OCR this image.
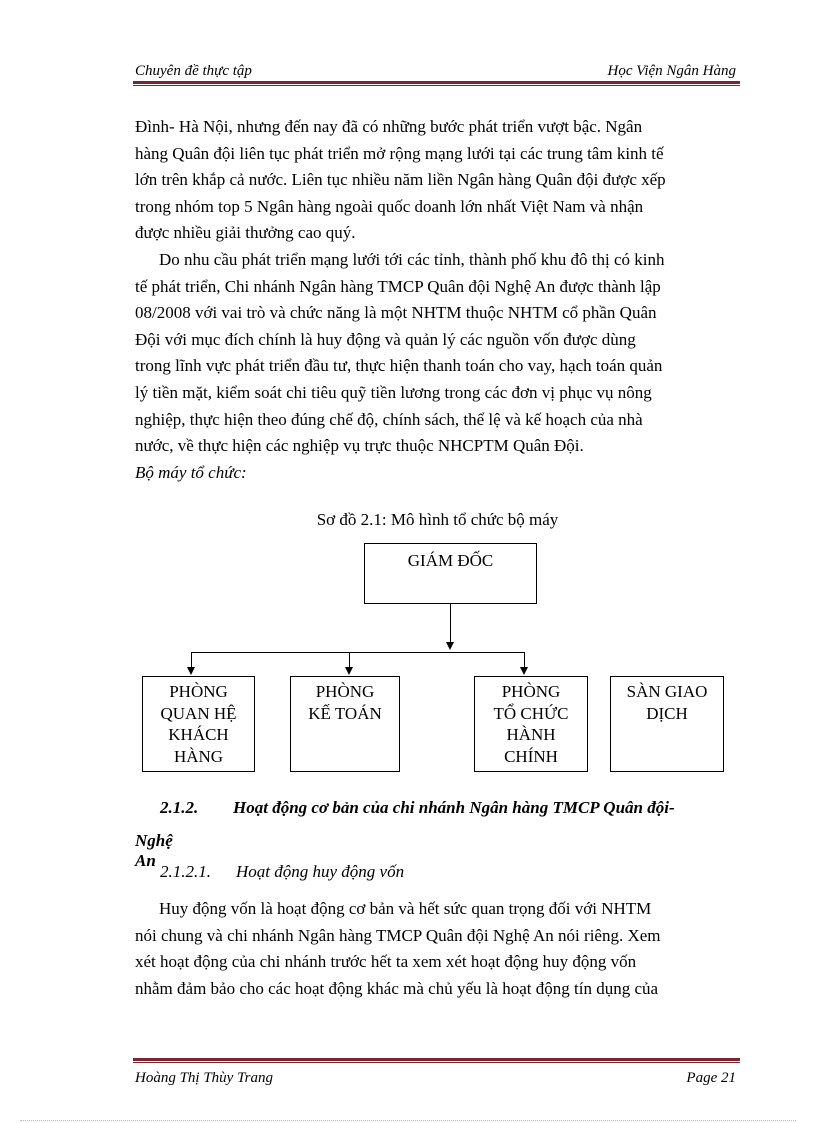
Chuyên đề thực tập	Học Viện Ngân Hàng

Đình- Hà Nội, nhưng đến nay đã có những bước phát triển vượt bậc. Ngân

hàng Quân đội liên tục phát triển mở rộng mạng lưới tại các trung tâm kinh tế

lớn trên khắp cả nước. Liên tục nhiều năm liền Ngân hàng Quân đội được xếp

trong nhóm top 5 Ngân hàng ngoài quốc doanh lớn nhất Việt Nam và nhận

được nhiều giải thưởng cao quý.

Do nhu cầu phát triển mạng lưới tới các tỉnh, thành phố khu đô thị có kinh

tế phát triển, Chi nhánh Ngân hàng TMCP Quân đội Nghệ An được thành lập

08/2008 với vai trò và chức năng là một NHTM thuộc NHTM cổ phần Quân

Đội với mục đích chính là huy động và quản lý các nguồn vốn được dùng

trong lĩnh vực phát triển đầu tư, thực hiện thanh toán cho vay, hạch toán quản

lý tiền mặt, kiểm soát chi tiêu quỹ tiền lương trong các đơn vị phục vụ nông

nghiệp, thực hiện theo đúng chế độ, chính sách, thể lệ và kế hoạch của nhà

nước, về thực hiện các nghiệp vụ trực thuộc NHCPTM Quân Đội.

Bộ máy tổ chức:

Sơ đồ 2.1: Mô hình tổ chức bộ máy
GIÁM ĐỐC
PHÒNG
QUAN HỆ
KHÁCH
HÀNG
PHÒNG
KẾ TOÁN
PHÒNG
TỔ CHỨC
HÀNH
CHÍNH
SÀN GIAO
DỊCH
2.1.2. Hoạt động cơ bản của chi nhánh Ngân hàng TMCP Quân đội-
Nghệ An
2.1.2.1. Hoạt động huy động vốn

Huy động vốn là hoạt động cơ bản và hết sức quan trọng đối với NHTM

nói chung và chi nhánh Ngân hàng TMCP Quân đội Nghệ An nói riêng. Xem

xét hoạt động của chi nhánh trước hết ta xem xét hoạt động huy động vốn

nhằm đảm bảo cho các hoạt động khác mà chủ yếu là hoạt động tín dụng của

Hoàng Thị Thùy Trang	Page 21
